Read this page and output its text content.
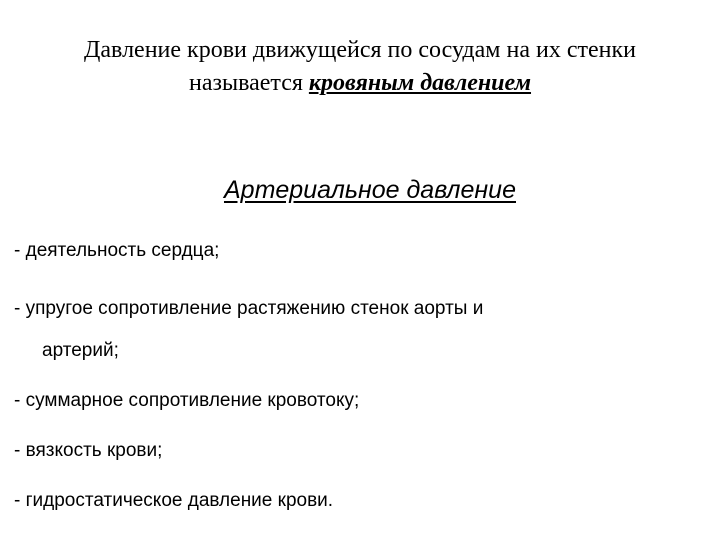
Давление крови движущейся по сосудам на их стенки
называется кровяным давлением
Артериальное давление
- деятельность сердца;
- упругое сопротивление растяжению стенок аорты и
артерий;
- суммарное сопротивление кровотоку;
- вязкость крови;
- гидростатическое давление крови.
